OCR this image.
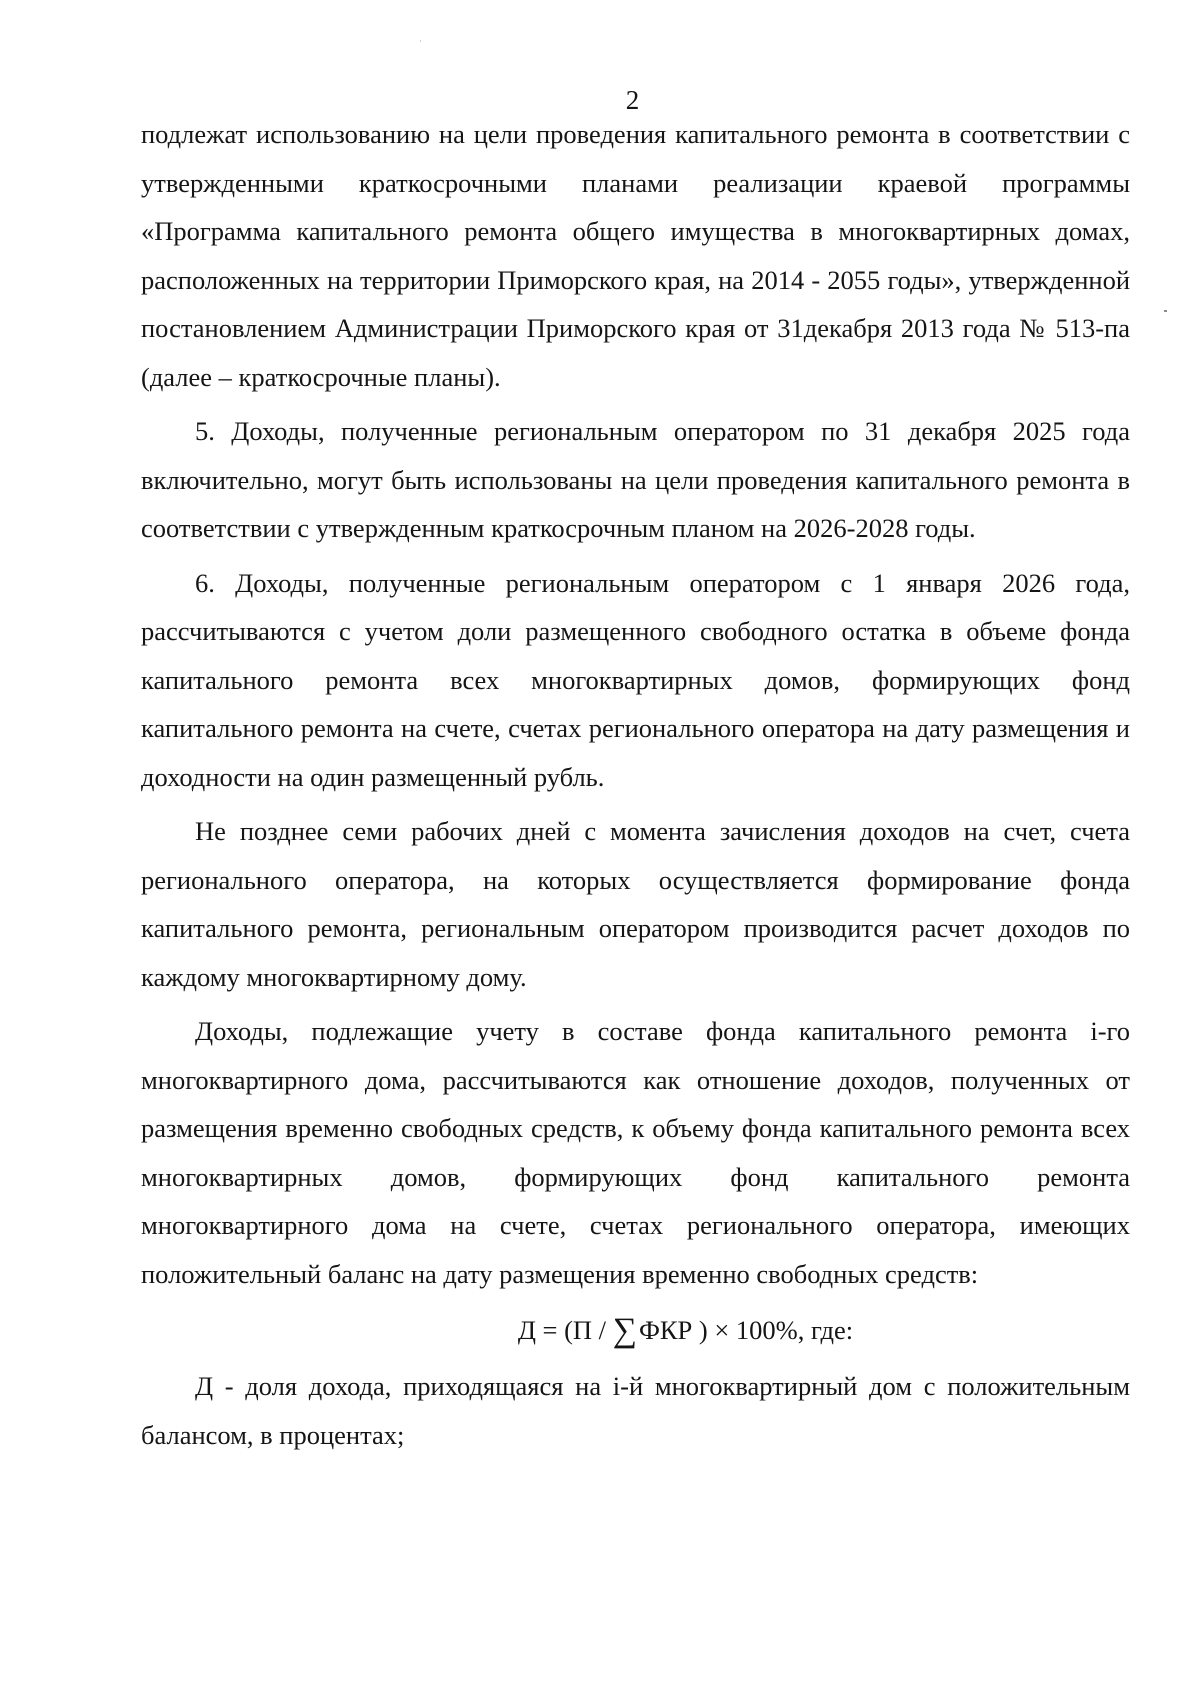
2

подлежат использованию на цели проведения капитального ремонта в соответствии с утвержденными краткосрочными планами реализации краевой программы «Программа капитального ремонта общего имущества в многоквартирных домах, расположенных на территории Приморского края, на 2014 - 2055 годы», утвержденной постановлением Администрации Приморского края от 31декабря 2013 года № 513-па (далее – краткосрочные планы).

5. Доходы, полученные региональным оператором по 31 декабря 2025 года включительно, могут быть использованы на цели проведения капитального ремонта в соответствии с утвержденным краткосрочным планом на 2026-2028 годы.

6. Доходы, полученные региональным оператором с 1 января 2026 года, рассчитываются с учетом доли размещенного свободного остатка в объеме фонда капитального ремонта всех многоквартирных домов, формирующих фонд капитального ремонта на счете, счетах регионального оператора на дату размещения и доходности на один размещенный рубль.

Не позднее семи рабочих дней с момента зачисления доходов на счет, счета регионального оператора, на которых осуществляется формирование фонда капитального ремонта, региональным оператором производится расчет доходов по каждому многоквартирному дому.

Доходы, подлежащие учету в составе фонда капитального ремонта i-го многоквартирного дома, рассчитываются как отношение доходов, полученных от размещения временно свободных средств, к объему фонда капитального ремонта всех многоквартирных домов, формирующих фонд капитального ремонта многоквартирного дома на счете, счетах регионального оператора, имеющих положительный баланс на дату размещения временно свободных средств:

Д = (П / ∑ФКР ) × 100%, где:

Д - доля дохода, приходящаяся на i-й многоквартирный дом с положительным балансом, в процентах;
